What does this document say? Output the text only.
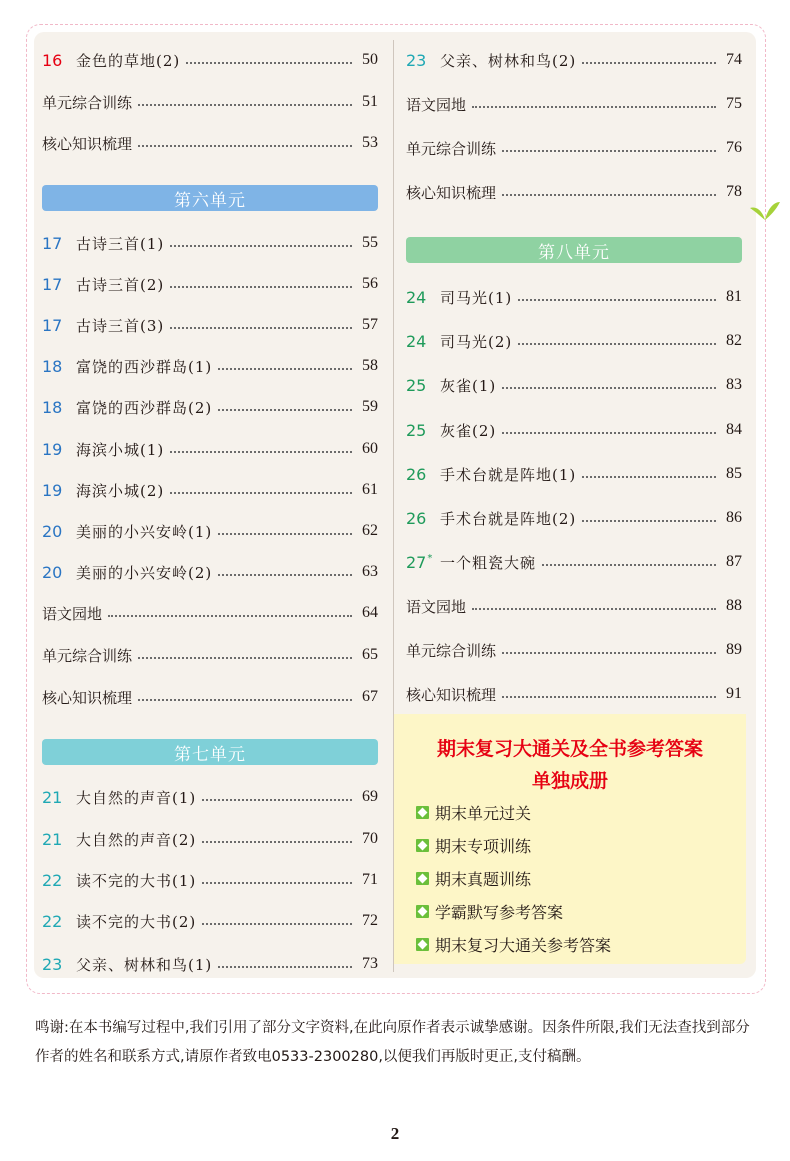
16 金色的草地(2)	50
单元综合训练	51
核心知识梳理	53
17 古诗三首(1)	55
17 古诗三首(2)	56
17 古诗三首(3)	57
18 富饶的西沙群岛(1)	58
18 富饶的西沙群岛(2)	59
19 海滨小城(1)	60
19 海滨小城(2)	61
20 美丽的小兴安岭(1)	62
20 美丽的小兴安岭(2)	63
语文园地	64
单元综合训练	65
核心知识梳理	67
21 大自然的声音(1)	69
21 大自然的声音(2)	70
22 读不完的大书(1)	71
22 读不完的大书(2)	72
23 父亲、树林和鸟(1)	73
第六单元
第七单元
23 父亲、树林和鸟(2)	74
语文园地	75
单元综合训练	76
核心知识梳理	78
24 司马光(1)	81
24 司马光(2)	82
25 灰雀(1)	83
25 灰雀(2)	84
26 手术台就是阵地(1)	85
26 手术台就是阵地(2)	86
27* 一个粗瓷大碗	87
语文园地	88
单元综合训练	89
核心知识梳理	91
第八单元
期末复习大通关及全书参考答案
单独成册
期末单元过关
期末专项训练
期末真题训练
学霸默写参考答案
期末复习大通关参考答案
鸣谢:在本书编写过程中,我们引用了部分文字资料,在此向原作者表示诚挚感谢。因条件所限,我们无法查找到部分作者的姓名和联系方式,请原作者致电0533-2300280,以便我们再版时更正,支付稿酬。
2
